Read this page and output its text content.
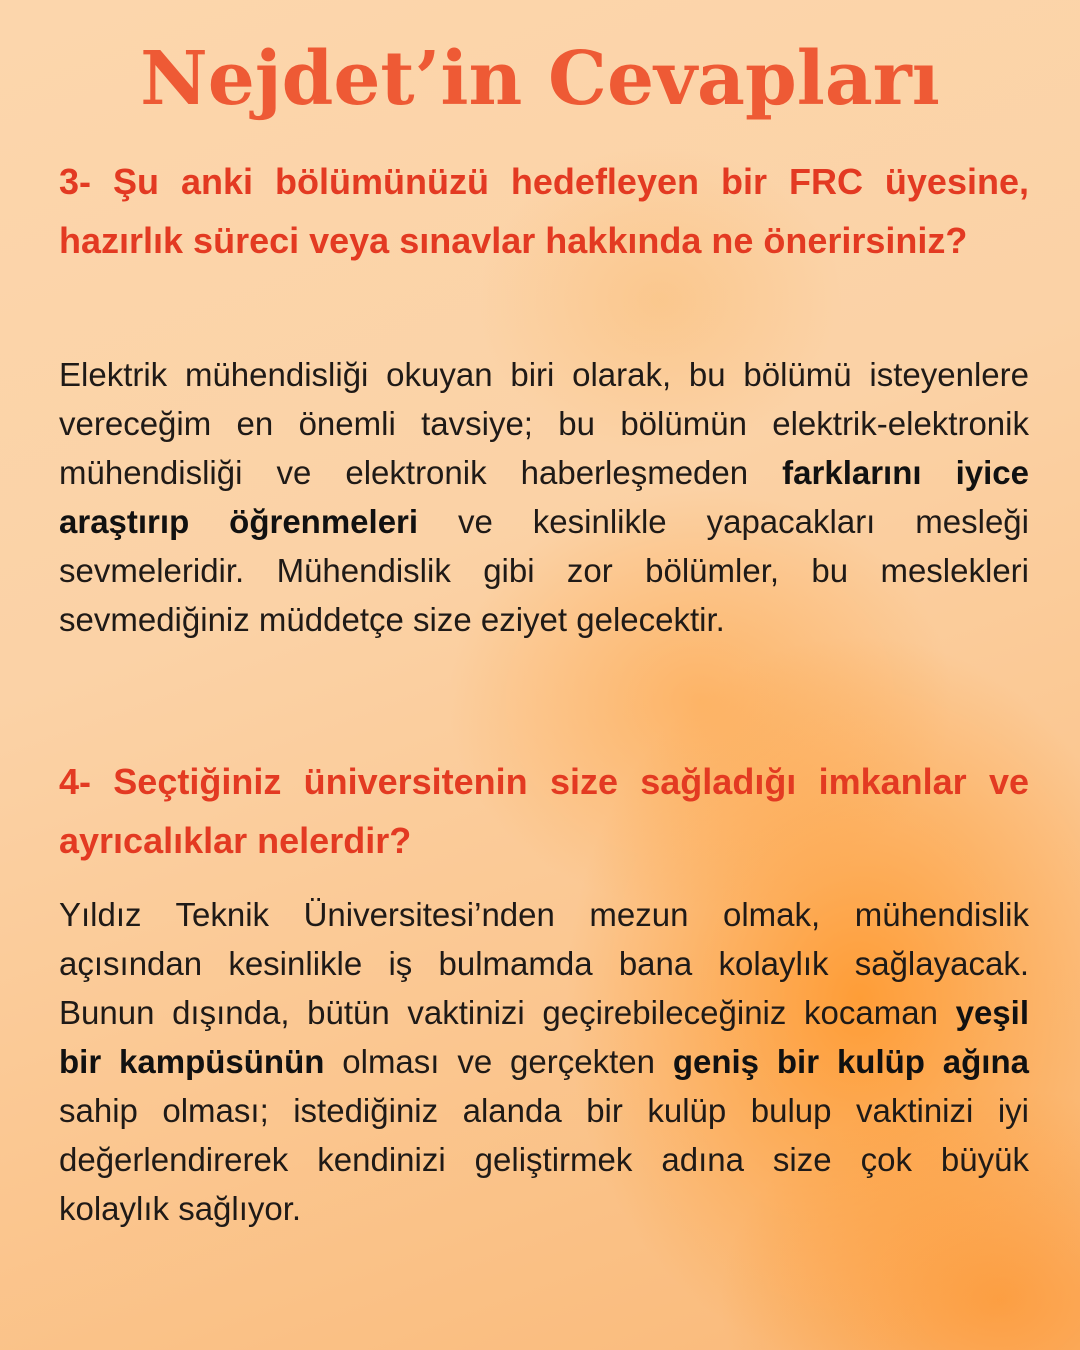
Nejdet’in Cevapları

3- Şu anki bölümünüzü hedefleyen bir FRC üyesine, hazırlık süreci veya sınavlar hakkında ne önerirsiniz?

Elektrik mühendisliği okuyan biri olarak, bu bölümü isteyenlere vereceğim en önemli tavsiye; bu bölümün elektrik-elektronik mühendisliği ve elektronik haberleşmeden farklarını iyice araştırıp öğrenmeleri ve kesinlikle yapacakları mesleği sevmeleridir. Mühendislik gibi zor bölümler, bu meslekleri sevmediğiniz müddetçe size eziyet gelecektir.

4- Seçtiğiniz üniversitenin size sağladığı imkanlar ve ayrıcalıklar nelerdir?

Yıldız Teknik Üniversitesi’nden mezun olmak, mühendislik açısından kesinlikle iş bulmamda bana kolaylık sağlayacak. Bunun dışında, bütün vaktinizi geçirebileceğiniz kocaman yeşil bir kampüsünün olması ve gerçekten geniş bir kulüp ağına sahip olması; istediğiniz alanda bir kulüp bulup vaktinizi iyi değerlendirerek kendinizi geliştirmek adına size çok büyük kolaylık sağlıyor.
